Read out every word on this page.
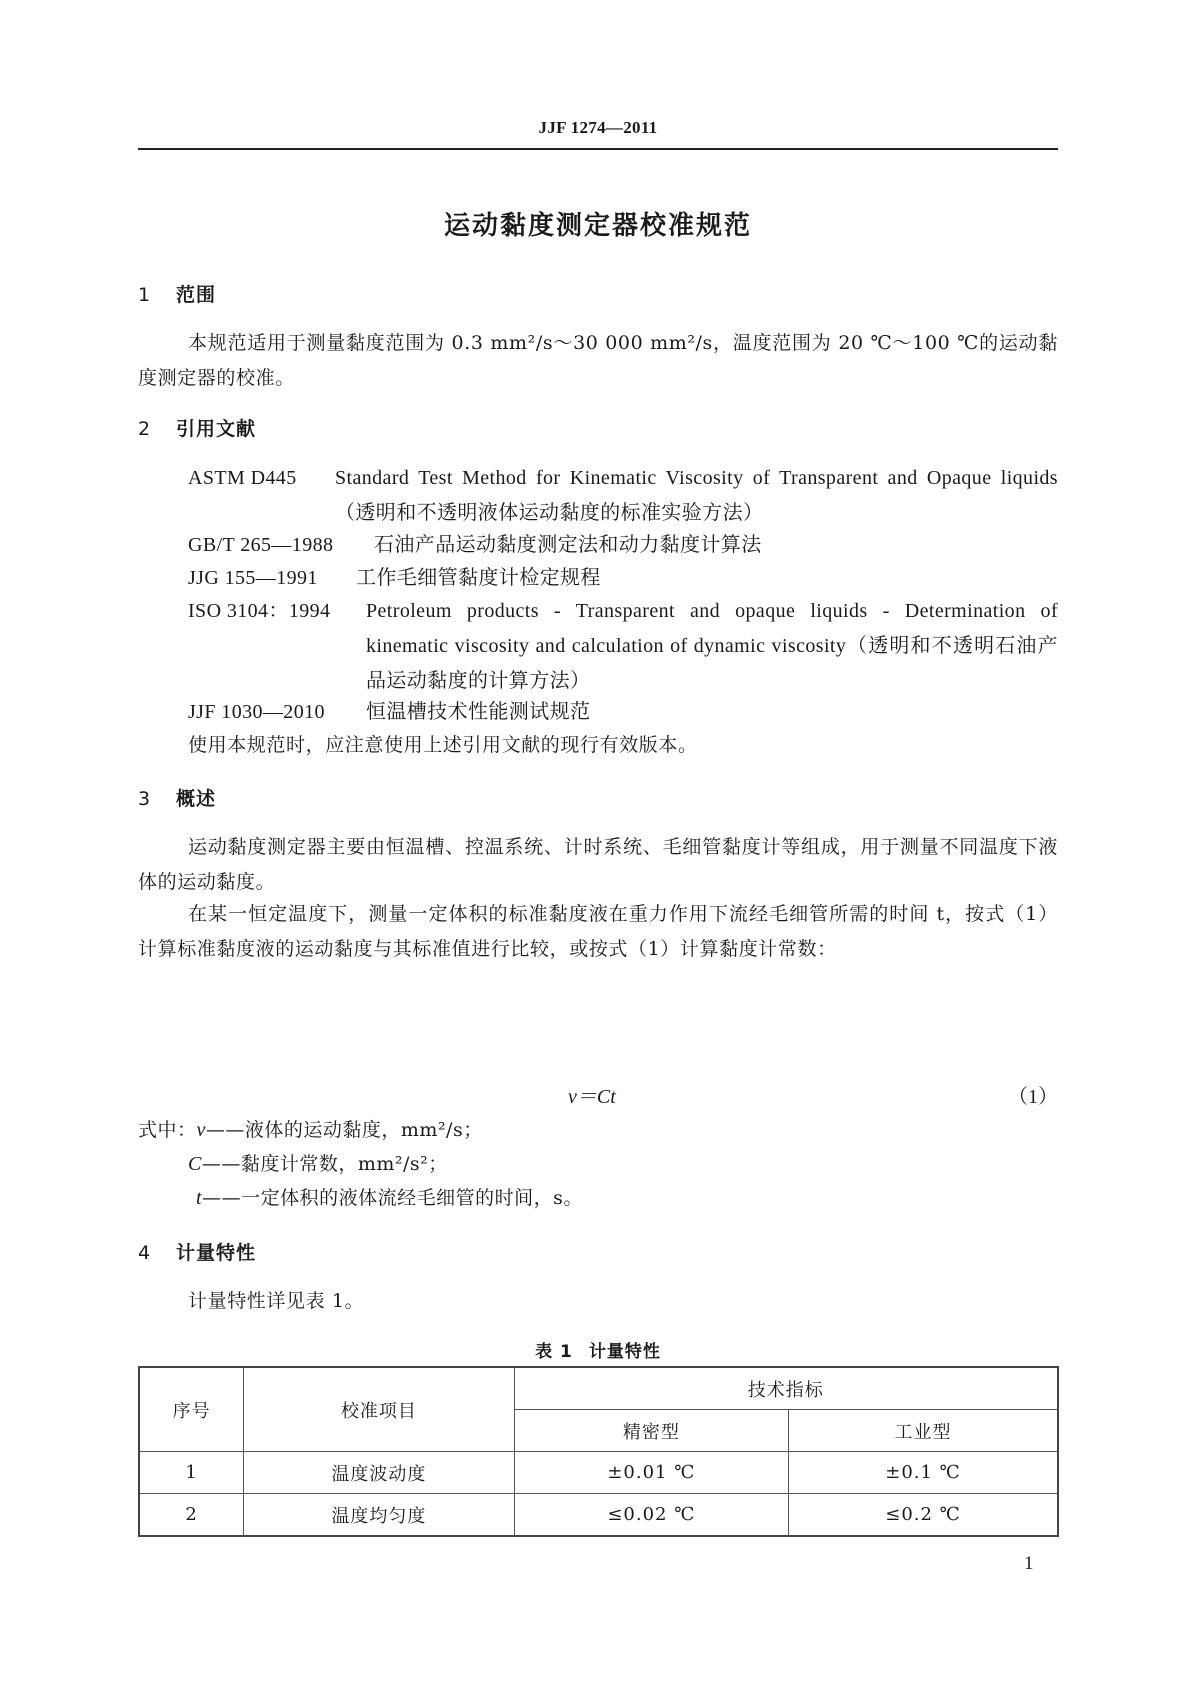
JJF 1274—2011
运动黏度测定器校准规范
1 范围
本规范适用于测量黏度范围为 0.3 mm²/s～30 000 mm²/s，温度范围为 20 ℃～100 ℃的运动黏度测定器的校准。
2 引用文献
ASTM D445	Standard Test Method for Kinematic Viscosity of Transparent and Opaque liquids（透明和不透明液体运动黏度的标准实验方法）
GB/T 265—1988	石油产品运动黏度测定法和动力黏度计算法
JJG 155—1991	工作毛细管黏度计检定规程
ISO 3104：1994	Petroleum products - Transparent and opaque liquids - Determination of kinematic viscosity and calculation of dynamic viscosity（透明和不透明石油产品运动黏度的计算方法）
JJF 1030—2010	恒温槽技术性能测试规范
使用本规范时，应注意使用上述引用文献的现行有效版本。
3 概述
运动黏度测定器主要由恒温槽、控温系统、计时系统、毛细管黏度计等组成，用于测量不同温度下液体的运动黏度。
在某一恒定温度下，测量一定体积的标准黏度液在重力作用下流经毛细管所需的时间 t，按式（1）计算标准黏度液的运动黏度与其标准值进行比较，或按式（1）计算黏度计常数：
ν＝Ct	（1）
式中：ν——液体的运动黏度，mm²/s；
C——黏度计常数，mm²/s²；
t——一定体积的液体流经毛细管的时间，s。
4 计量特性
计量特性详见表 1。
表 1 计量特性
序号	校准项目	技术指标	
		精密型	工业型
1	温度波动度	±0.01 ℃	±0.1 ℃
2	温度均匀度	≤0.02 ℃	≤0.2 ℃
1
